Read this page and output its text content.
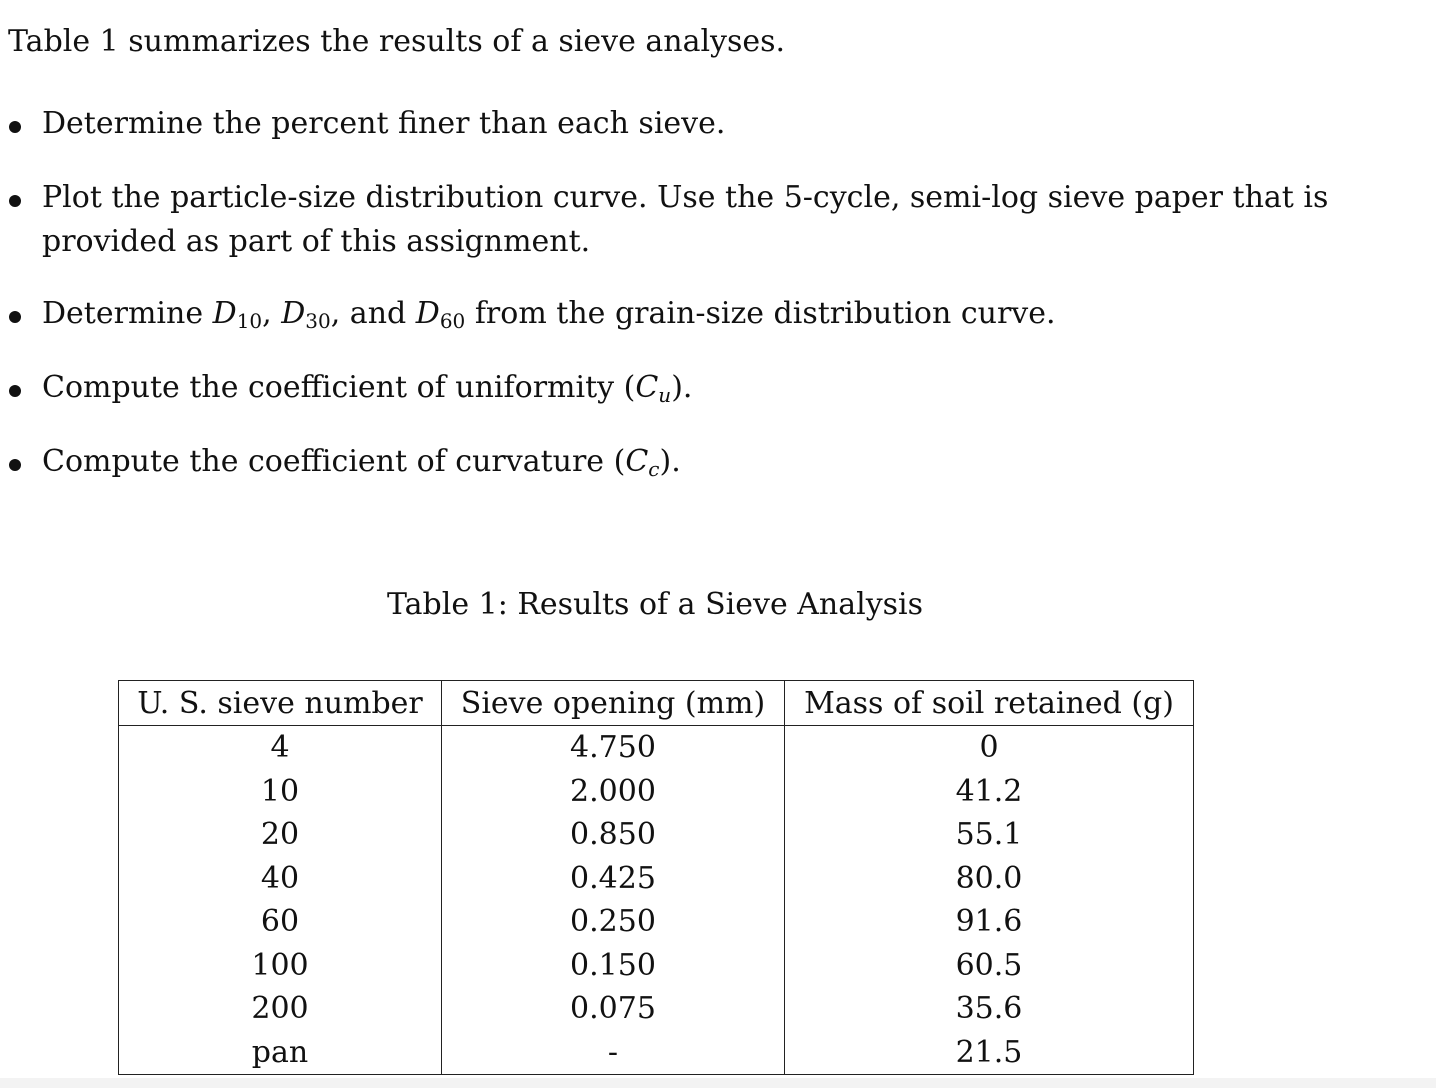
Table 1 summarizes the results of a sieve analyses.
Determine the percent finer than each sieve.
Plot the particle-size distribution curve. Use the 5-cycle, semi-log sieve paper that is provided as part of this assignment.
Determine $D_{10}$, $D_{30}$, and $D_{60}$ from the grain-size distribution curve.
Compute the coefficient of uniformity $(C_u)$.
Compute the coefficient of curvature $(C_c)$.
Table 1: Results of a Sieve Analysis
U. S. sieve number	Sieve opening (mm)	Mass of soil retained (g)
4	4.750	0
10	2.000	41.2
20	0.850	55.1
40	0.425	80.0
60	0.250	91.6
100	0.150	60.5
200	0.075	35.6
pan	-	21.5
